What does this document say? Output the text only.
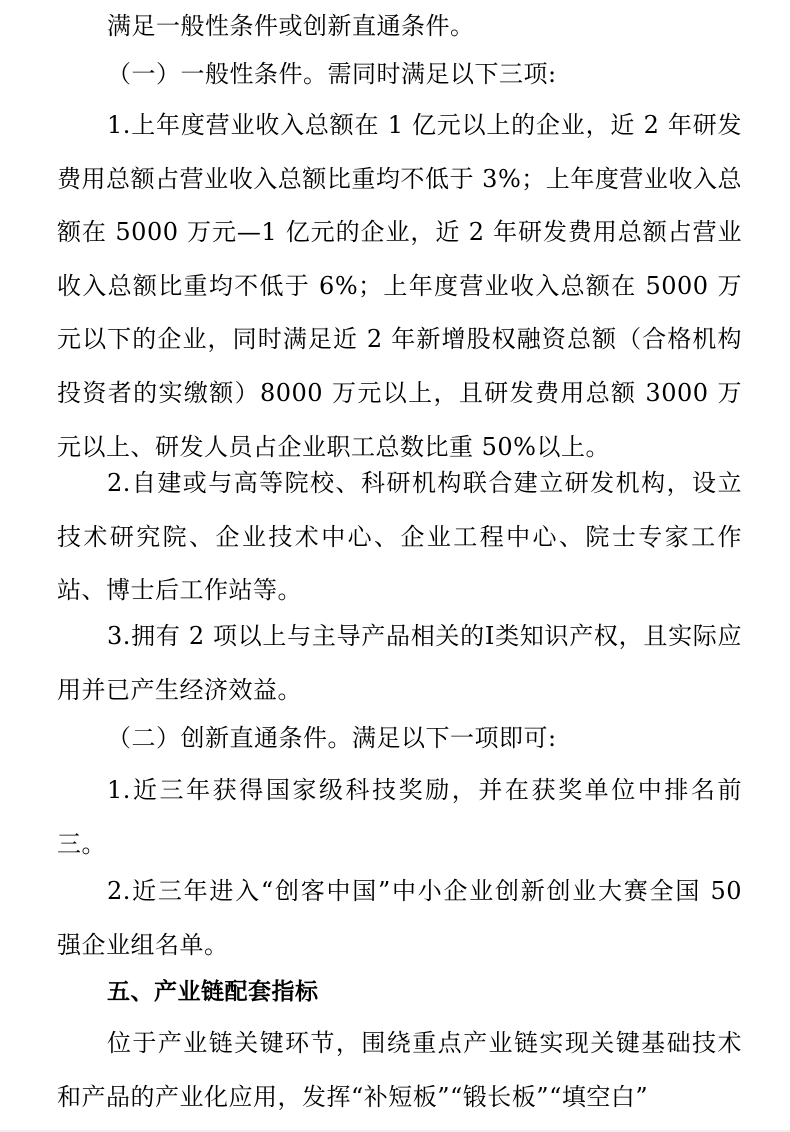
满足一般性条件或创新直通条件。
（一）一般性条件。需同时满足以下三项:
1.上年度营业收入总额在 1 亿元以上的企业，近 2 年研发费用总额占营业收入总额比重均不低于 3%；上年度营业收入总额在 5000 万元—1 亿元的企业，近 2 年研发费用总额占营业收入总额比重均不低于 6%；上年度营业收入总额在 5000 万元以下的企业，同时满足近 2 年新增股权融资总额（合格机构投资者的实缴额）8000 万元以上，且研发费用总额 3000 万元以上、研发人员占企业职工总数比重 50%以上。
2.自建或与高等院校、科研机构联合建立研发机构，设立技术研究院、企业技术中心、企业工程中心、院士专家工作站、博士后工作站等。
3.拥有 2 项以上与主导产品相关的I类知识产权，且实际应用并已产生经济效益。
（二）创新直通条件。满足以下一项即可:
1.近三年获得国家级科技奖励，并在获奖单位中排名前三。
2.近三年进入“创客中国”中小企业创新创业大赛全国 50 强企业组名单。
五、产业链配套指标
位于产业链关键环节，围绕重点产业链实现关键基础技术和产品的产业化应用，发挥“补短板”“锻长板”“填空白”
